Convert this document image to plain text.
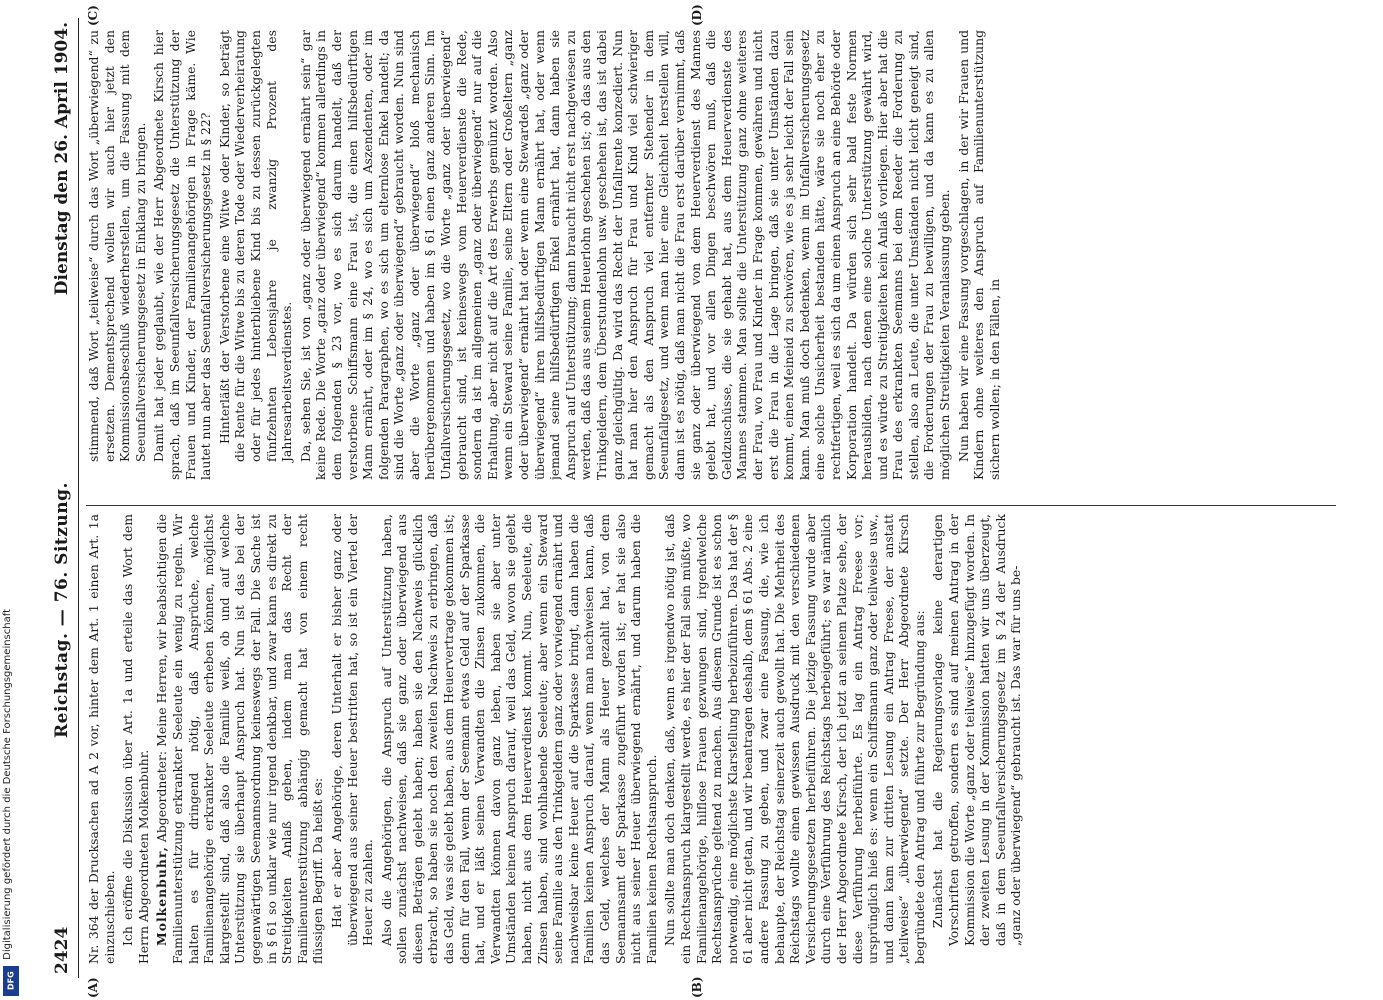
Digitalisierung gefördert durch die Deutsche Forschungsgemeinschaft
DFG
2424
Reichstag. — 76. Sitzung.
Dienstag den 26. April 1904.
(A)	(B)
(C)	(D)

Nr. 364 der Drucksachen ad A 2 vor, hinter dem Art. 1 einen Art. 1a einzuschieben. Ich eröffne die Diskussion über Art. 1a und erteile das Wort dem Herrn Abgeordneten Molkenbuhr. Molkenbuhr, Abgeordneter: Meine Herren, wir beabsichtigen die Familienunterstützung erkrankter Seeleute ein wenig zu regeln. Wir halten es für dringend nötig, daß Ansprüche, welche Familienangehörige erkrankter Seeleute erheben können, möglichst klargestellt sind, daß also die Familie weiß, ob und auf welche Unterstützung sie überhaupt Anspruch hat. Nun ist das bei der gegenwärtigen Seemannsordnung keineswegs der Fall. Die Sache ist in § 61 so unklar wie nur irgend denkbar, und zwar kann es direkt zu Streitigkeiten Anlaß geben, indem man das Recht der Familienunterstützung abhängig gemacht hat von einem recht flüssigen Begriff. Da heißt es: Hat er aber Angehörige, deren Unterhalt er bisher ganz oder überwiegend aus seiner Heuer bestritten hat, so ist ein Viertel der Heuer zu zahlen. Also die Angehörigen, die Anspruch auf Unterstützung haben, sollen zunächst nachweisen, daß sie ganz oder überwiegend aus diesen Beträgen gelebt haben; haben sie den Nachweis glücklich erbracht, so haben sie noch den zweiten Nachweis zu erbringen, daß das Geld, was sie gelebt haben, aus dem Heuervertrage gekommen ist; denn für den Fall, wenn der Seemann etwas Geld auf der Sparkasse hat, und er läßt seinen Verwandten die Zinsen zukommen, die Verwandten können davon ganz leben, haben sie aber unter Umständen keinen Anspruch darauf, weil das Geld, wovon sie gelebt haben, nicht aus dem Heuerverdienst kommt. Nun, Seeleute, die Zinsen haben, sind wohlhabende Seeleute; aber wenn ein Steward seine Familie aus den Trinkgeldern ganz oder vorwiegend ernährt und nachweisbar keine Heuer auf die Sparkasse bringt, dann haben die Familien keinen Anspruch darauf, wenn man nachweisen kann, daß das Geld, welches der Mann als Heuer gezahlt hat, von dem Seemannsamt der Sparkasse zugeführt worden ist; er hat sie also nicht aus seiner Heuer überwiegend ernährt, und darum haben die Familien keinen Rechtsanspruch. Nun sollte man doch denken, daß, wenn es irgendwo nötig ist, daß ein Rechtsanspruch klargestellt werde, es hier der Fall sein müßte, wo Familienangehörige, hilflose Frauen gezwungen sind, irgendwelche Rechtsansprüche geltend zu machen. Aus diesem Grunde ist es schon notwendig, eine möglichste Klarstellung herbeizuführen. Das hat der § 61 aber nicht getan, und wir beantragen deshalb, dem § 61 Abs. 2 eine andere Fassung zu geben, und zwar eine Fassung, die, wie ich behaupte, der Reichstag seinerzeit auch gewollt hat. Die Mehrheit des Reichstags wollte einen gewissen Ausdruck mit den verschiedenen Versicherungsgesetzen herbeiführen. Die jetzige Fassung wurde aber durch eine Verführung des Reichstags herbeigeführt; es war nämlich der Herr Abgeordnete Kirsch, der ich jetzt an seinem Platze sehe, der diese Verführung herbeiführte. Es lag ein Antrag Freese vor; ursprünglich hieß es: wenn ein Schiffsmann ganz oder teilweise usw., und dann kam zur dritten Lesung ein Antrag Freese, der anstatt „teilweise“ „überwiegend“ setzte. Der Herr Abgeordnete Kirsch begründete den Antrag und führte zur Begründung aus: Zunächst hat die Regierungsvorlage keine derartigen Vorschriften getroffen, sondern es sind auf meinen Antrag in der Kommission die Worte „ganz oder teilweise“ hinzugefügt worden. In der zweiten Lesung in der Kommission hatten wir uns überzeugt, daß in dem Seeunfallversicherungsgesetz im § 24 der Ausdruck „ganz oder überwiegend“ gebraucht ist. Das war für uns be-

stimmend, daß Wort „teilweise“ durch das Wort „überwiegend“ zu ersetzen. Dementsprechend wollen wir auch hier jetzt den Kommissionsbeschluß wiederherstellen, um die Fassung mit dem Seeunfallversicherungsgesetz in Einklang zu bringen. Damit hat jeder geglaubt, wie der Herr Abgeordnete Kirsch hier sprach, daß im Seeunfallversicherungsgesetz die Unterstützung der Frauen und Kinder, der Familienangehörigen in Frage käme. Wie lautet nun aber das Seeunfallversicherungsgesetz in § 22? Hinterläßt der Verstorbene eine Witwe oder Kinder, so beträgt die Rente für die Witwe bis zu deren Tode oder Wiederverheiratung oder für jedes hinterbliebene Kind bis zu dessen zurückgelegten fünfzehnten Lebensjahre je zwanzig Prozent des Jahresarbeitsverdienstes. Da, sehen Sie, ist von „ganz oder überwiegend ernährt sein“ gar keine Rede. Die Worte „ganz oder überwiegend“ kommen allerdings in dem folgenden § 23 vor, wo es sich darum handelt, daß der verstorbene Schiffsmann eine Frau ist, die einen hilfsbedürftigen Mann ernährt, oder im § 24, wo es sich um Aszendenten, oder im folgenden Paragraphen, wo es sich um elternlose Enkel handelt; da sind die Worte „ganz oder überwiegend“ gebraucht worden. Nun sind aber die Worte „ganz oder überwiegend“ bloß mechanisch herübergenommen und haben im § 61 einen ganz anderen Sinn. Im Unfallversicherungsgesetz, wo die Worte „ganz oder überwiegend“ gebraucht sind, ist keineswegs vom Heuerverdienste die Rede, sondern da ist im allgemeinen „ganz oder überwiegend“ nur auf die Erhaltung, aber nicht auf die Art des Erwerbs gemünzt worden. Also wenn ein Steward seine Familie, seine Eltern oder Großeltern „ganz oder überwiegend“ ernährt hat oder wenn eine Stewardeß „ganz oder überwiegend“ ihren hilfsbedürftigen Mann ernährt hat, oder wenn jemand seine hilfsbedürftigen Enkel ernährt hat, dann haben sie Anspruch auf Unterstützung; dann braucht nicht erst nachgewiesen zu werden, daß das aus seinem Heuerlohn geschehen ist; ob das aus den Trinkgeldern, dem Überstundenlohn usw. geschehen ist, das ist dabei ganz gleichgültig. Da wird das Recht der Unfallrente konzediert. Nun hat man hier den Anspruch für Frau und Kind viel schwieriger gemacht als den Anspruch viel entfernter Stehender in dem Seeunfallgesetz, und wenn man hier eine Gleichheit herstellen will, dann ist es nötig, daß man nicht die Frau erst darüber vernimmt, daß sie ganz oder überwiegend von dem Heuerverdienst des Mannes gelebt hat, und vor allen Dingen beschwören muß, daß die Geldzuschüsse, die sie gehabt hat, aus dem Heuerverdienste des Mannes stammen. Man sollte die Unterstützung ganz ohne weiteres der Frau, wo Frau und Kinder in Frage kommen, gewähren und nicht erst die Frau in die Lage bringen, daß sie unter Umständen dazu kommt, einen Meineid zu schwören, wie es ja sehr leicht der Fall sein kann. Man muß doch bedenken, wenn im Unfallversicherungsgesetz eine solche Unsicherheit bestanden hätte, wäre sie noch eher zu rechtfertigen, weil es sich da um einen Anspruch an eine Behörde oder Korporation handelt. Da würden sich sehr bald feste Normen herausbilden, nach denen eine solche Unterstützung gewährt wird, und es würde zu Streitigkeiten kein Anlaß vorliegen. Hier aber hat die Frau des erkrankten Seemanns bei dem Reeder die Forderung zu stellen, also an Leute, die unter Umständen nicht leicht geneigt sind, die Forderungen der Frau zu bewilligen, und da kann es zu allen möglichen Streitigkeiten Veranlassung geben. Nun haben wir eine Fassung vorgeschlagen, in der wir Frauen und Kindern ohne weiteres den Anspruch auf Familienunterstützung sichern wollen; in den Fällen, in
